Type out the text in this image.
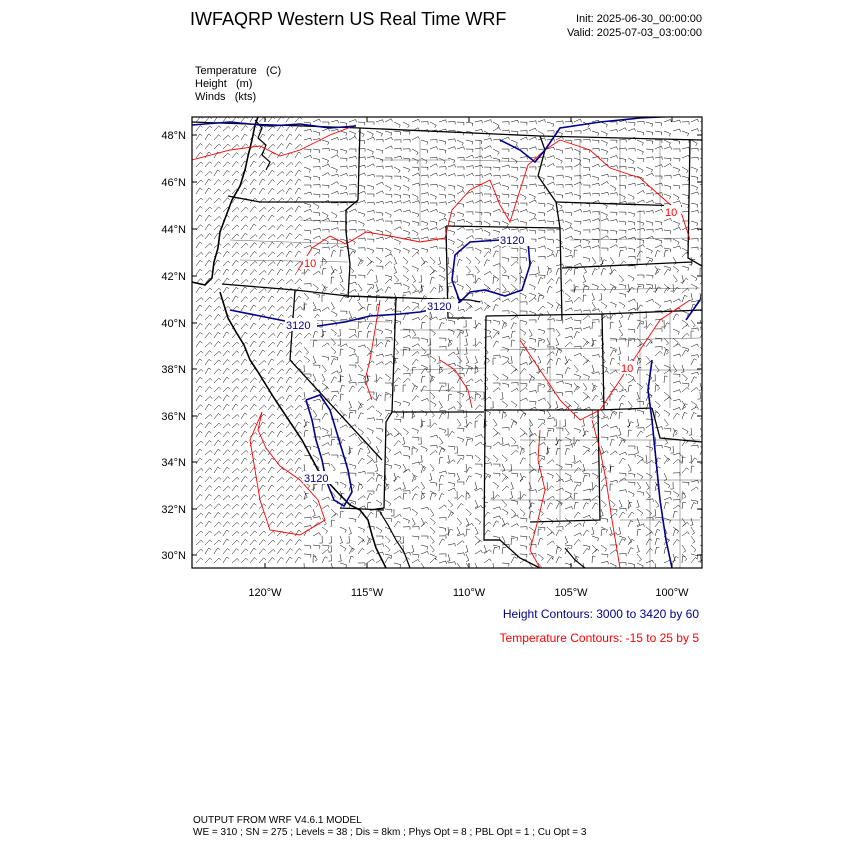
IWFAQRP Western US Real Time WRF	Init: 2025-06-30_00:00:00
Valid: 2025-07-03_03:00:00
Temperature (C)
Height (m)
Winds (kts)
48°N
46°N
44°N
42°N
40°N
38°N
36°N
34°N
32°N
30°N
120°W	115°W	110°W	105°W	100°W
3120
3120
3120
3120
10
10
10
Height Contours: 3000 to 3420 by 60
Temperature Contours: -15 to 25 by 5
OUTPUT FROM WRF V4.6.1 MODEL
WE = 310 ; SN = 275 ; Levels = 38 ; Dis = 8km ; Phys Opt = 8 ; PBL Opt = 1 ; Cu Opt = 3
